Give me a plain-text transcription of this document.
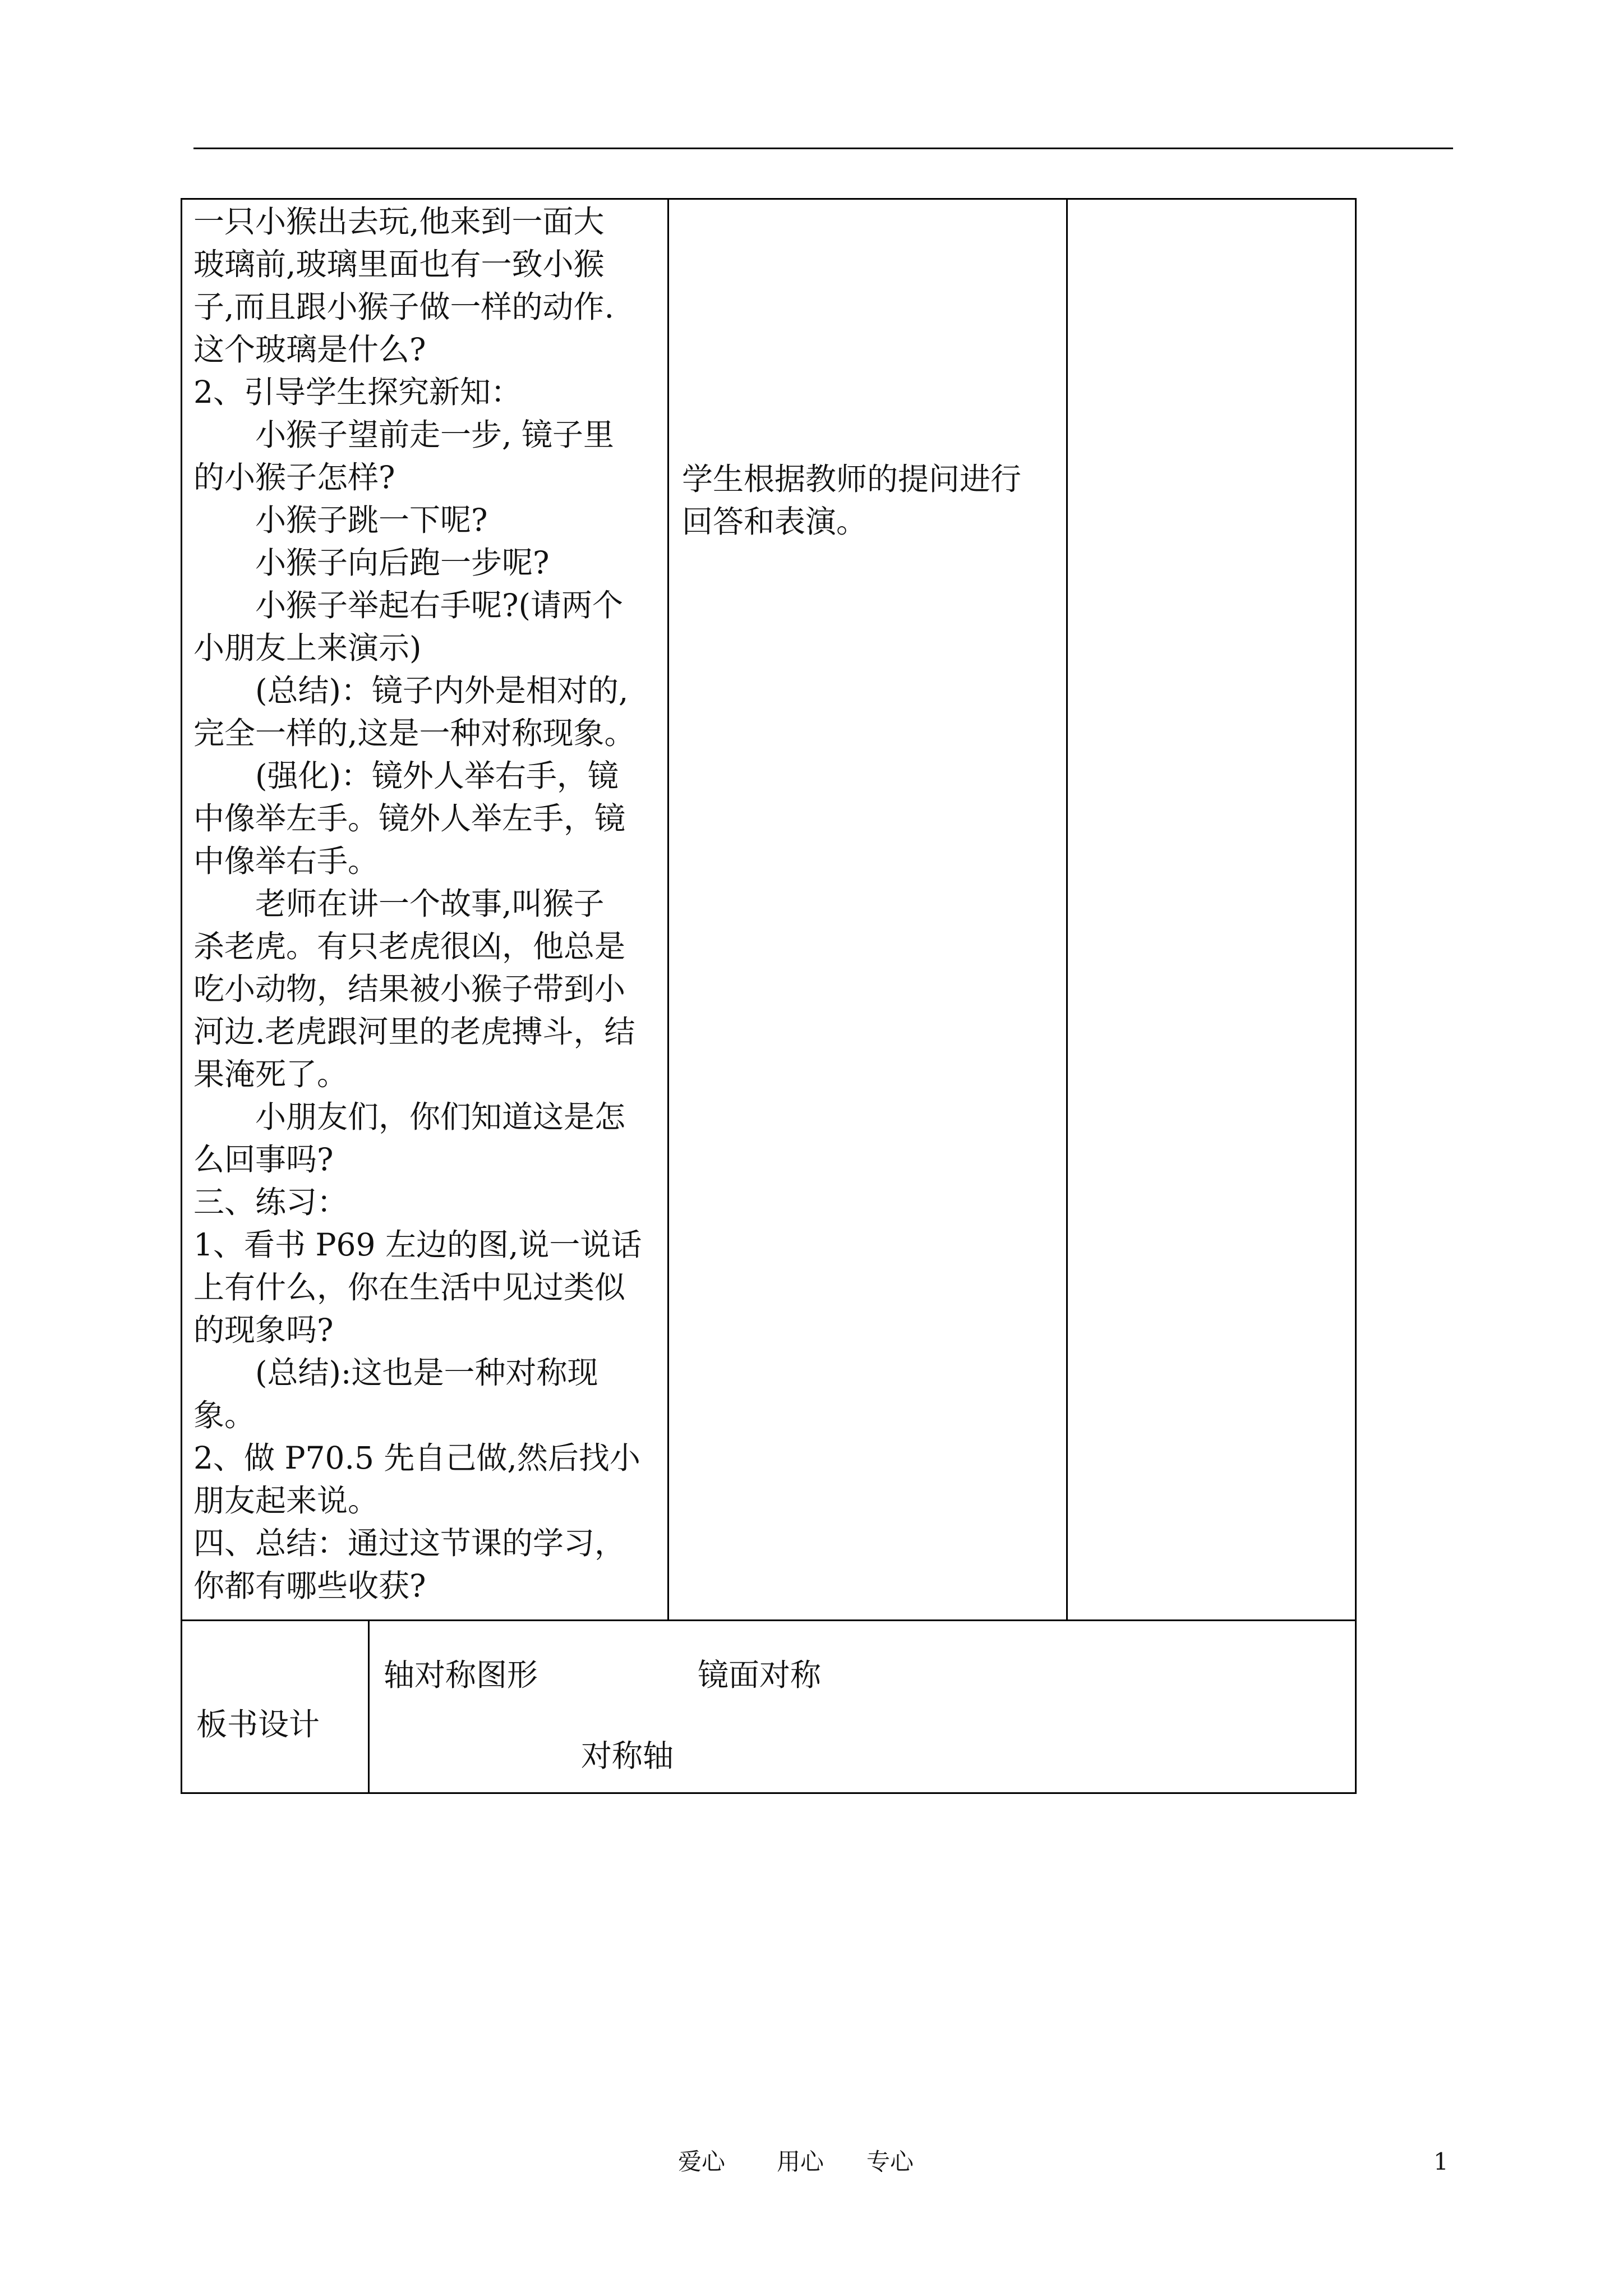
一只小猴出去玩,他来到一面大
玻璃前,玻璃里面也有一致小猴
子,而且跟小猴子做一样的动作.
这个玻璃是什么?
2、引导学生探究新知：
　　小猴子望前走一步, 镜子里
的小猴子怎样?
　　小猴子跳一下呢?
　　小猴子向后跑一步呢?
　　小猴子举起右手呢?(请两个
小朋友上来演示)
　　(总结)：镜子内外是相对的,
完全一样的,这是一种对称现象。
　　(强化)：镜外人举右手，镜
中像举左手。镜外人举左手，镜
中像举右手。
　　老师在讲一个故事,叫猴子
杀老虎。有只老虎很凶，他总是
吃小动物，结果被小猴子带到小
河边.老虎跟河里的老虎搏斗，结
果淹死了。
　　小朋友们，你们知道这是怎
么回事吗?
三、练习：
1、看书 P69 左边的图,说一说话
上有什么，你在生活中见过类似
的现象吗?
　　(总结):这也是一种对称现
象。
2、做 P70.5 先自己做,然后找小
朋友起来说。
四、总结：通过这节课的学习，
你都有哪些收获?
学生根据教师的提问进行
回答和表演。
板书设计
轴对称图形	镜面对称
对称轴
爱心 用心 专心	1
